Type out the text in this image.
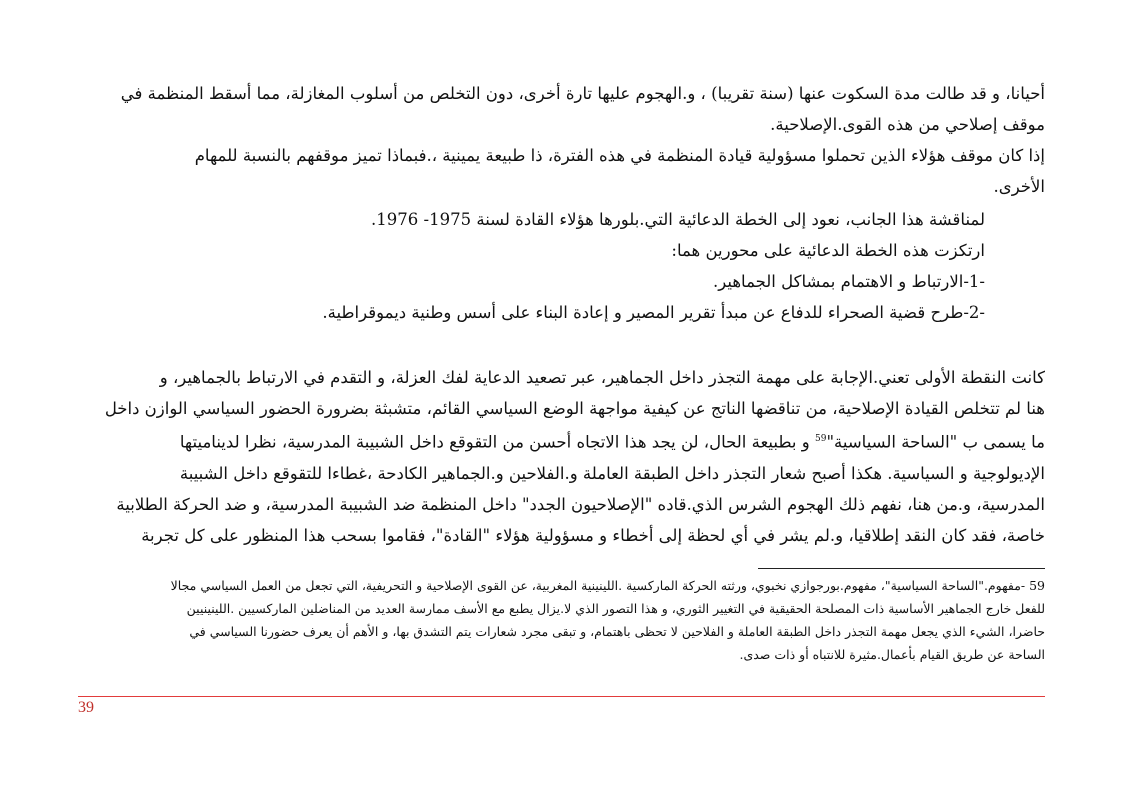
أحيانا، و قد طالت مدة السكوت عنها (سنة تقريبا) ، و.الهجوم عليها تارة أخرى، دون التخلص من أسلوب المغازلة، مما أسقط المنظمة في
موقف إصلاحي من هذه القوى.الإصلاحية.
إذا كان موقف هؤلاء الذين تحملوا مسؤولية قيادة المنظمة في هذه الفترة، ذا طبيعة يمينية ،.فبماذا تميز موقفهم بالنسبة للمهام
الأخرى.
لمناقشة هذا الجانب، نعود إلى الخطة الدعائية التي.بلورها هؤلاء القادة لسنة 1975- 1976.
ارتكزت هذه الخطة الدعائية على محورين هما:
-1-الارتباط و الاهتمام بمشاكل الجماهير.
-2-طرح قضية الصحراء للدفاع عن مبدأ تقرير المصير و إعادة البناء على أسس وطنية ديموقراطية.
كانت النقطة الأولى تعني.الإجابة على مهمة التجذر داخل الجماهير، عبر تصعيد الدعاية لفك العزلة، و التقدم في الارتباط بالجماهير، و
هنا لم تتخلص القيادة الإصلاحية، من تناقضها الناتج عن كيفية مواجهة الوضع السياسي القائم، متشبثة بضرورة الحضور السياسي الوازن داخل
ما يسمى ب "الساحة السياسية"$^{59}$ و بطبيعة الحال، لن يجد هذا الاتجاه أحسن من التقوقع داخل الشبيبة المدرسية، نظرا لديناميتها
الإديولوجية و السياسية. هكذا أصبح شعار التجذر داخل الطبقة العاملة و.الفلاحين و.الجماهير الكادحة ،غطاءا للتقوقع داخل الشبيبة
المدرسية، و.من هنا، نفهم ذلك الهجوم الشرس الذي.قاده "الإصلاحيون الجدد" داخل المنظمة ضد الشبيبة المدرسية، و ضد الحركة الطلابية
خاصة، فقد كان النقد إطلاقيا، و.لم يشر في أي لحظة إلى أخطاء و مسؤولية هؤلاء "القادة"، فقاموا بسحب هذا المنظور على كل تجربة
59 -مفهوم."الساحة السياسية"، مفهوم.بورجوازي نخبوي، ورثته الحركة الماركسية .اللينينية المغربية، عن القوى الإصلاحية و التحريفية، التي تجعل من العمل السياسي مجالا
للفعل خارج الجماهير الأساسية ذات المصلحة الحقيقية في التغيير الثوري، و هذا التصور الذي لا.يزال يطبع مع الأسف ممارسة العديد من المناضلين الماركسيين .اللينينيين
حاضرا، الشيء الذي يجعل مهمة التجذر داخل الطبقة العاملة و الفلاحين لا تحظى باهتمام، و تبقى مجرد شعارات يتم التشدق بها، و الأهم أن يعرف حضورنا السياسي في
الساحة عن طريق القيام بأعمال.مثيرة للانتباه أو ذات صدى.
39
